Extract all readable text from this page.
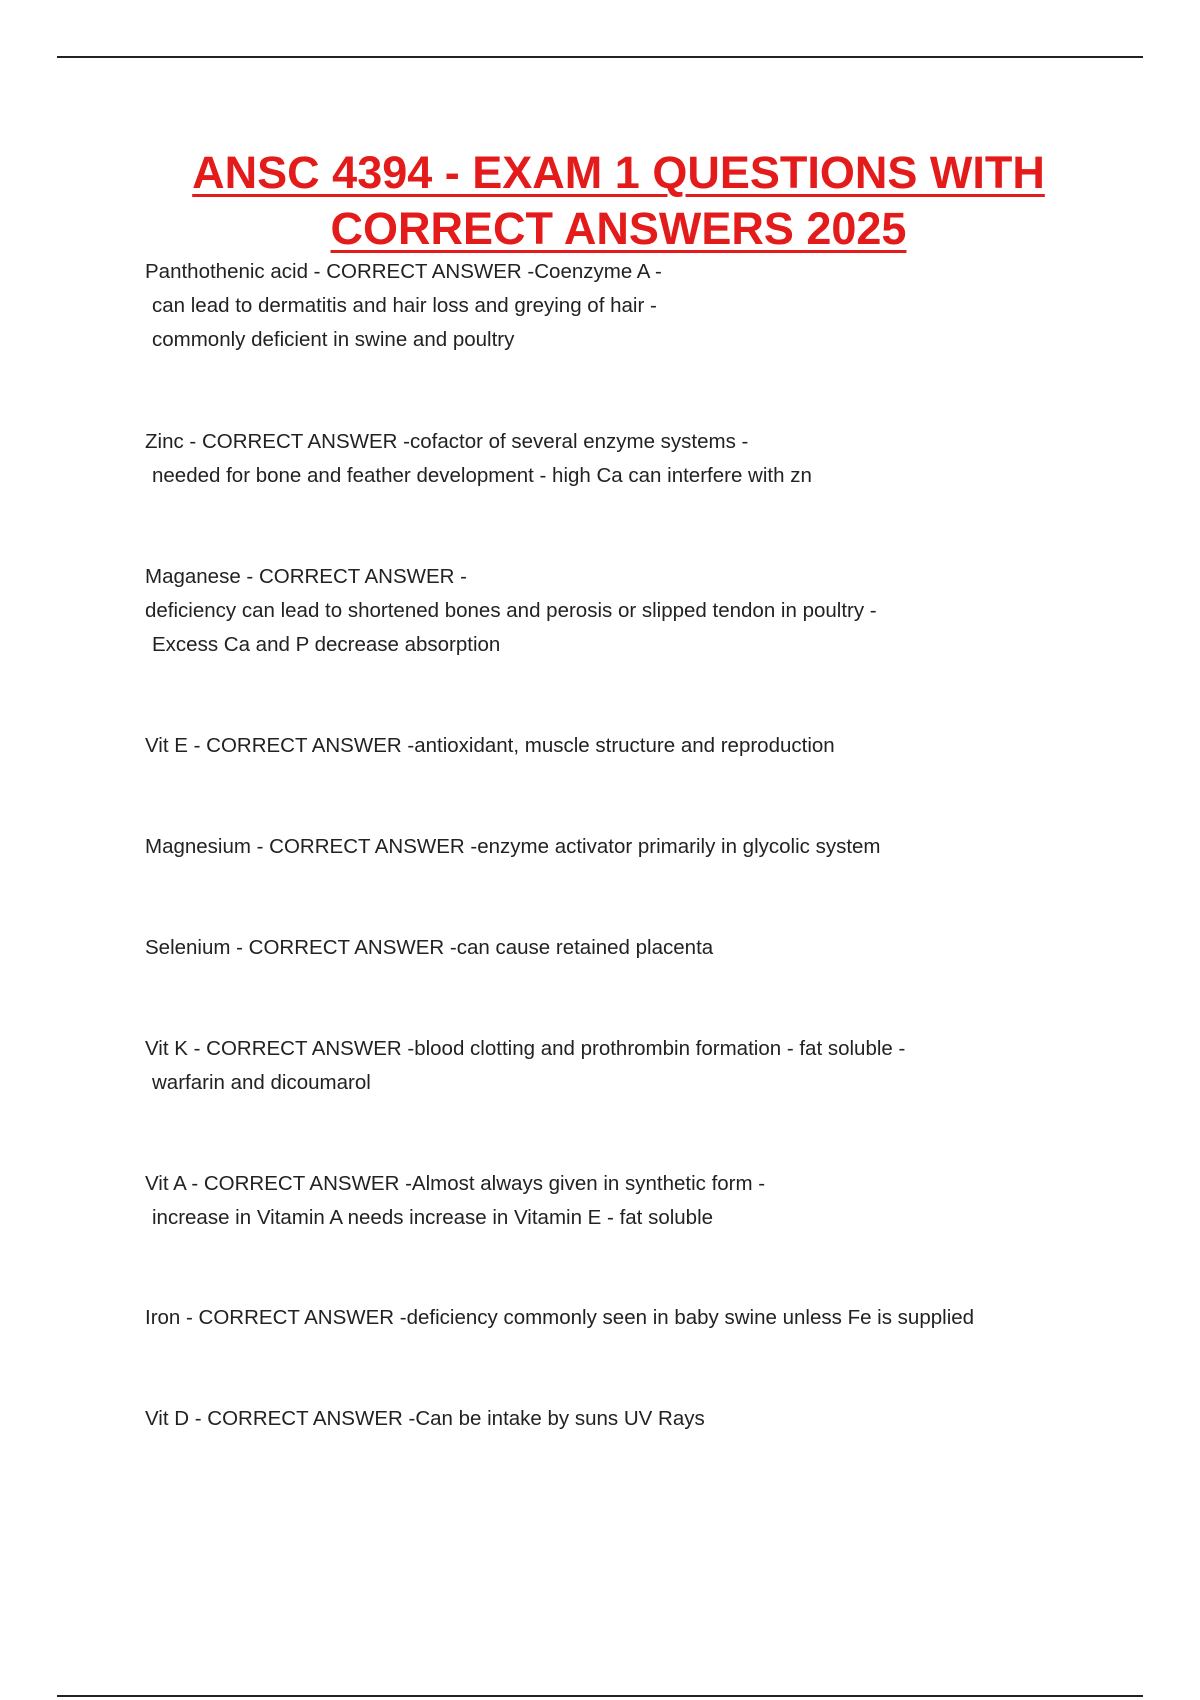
ANSC 4394 - EXAM 1 QUESTIONS WITH
CORRECT ANSWERS 2025
Panthothenic acid - CORRECT ANSWER -Coenzyme A -
can lead to dermatitis and hair loss and greying of hair -
commonly deficient in swine and poultry
Zinc - CORRECT ANSWER -cofactor of several enzyme systems -
needed for bone and feather development - high Ca can interfere with zn
Maganese - CORRECT ANSWER -
deficiency can lead to shortened bones and perosis or slipped tendon in poultry -
Excess Ca and P decrease absorption
Vit E - CORRECT ANSWER -antioxidant, muscle structure and reproduction
Magnesium - CORRECT ANSWER -enzyme activator primarily in glycolic system
Selenium - CORRECT ANSWER -can cause retained placenta
Vit K - CORRECT ANSWER -blood clotting and prothrombin formation - fat soluble -
warfarin and dicoumarol
Vit A - CORRECT ANSWER -Almost always given in synthetic form -
increase in Vitamin A needs increase in Vitamin E - fat soluble
Iron - CORRECT ANSWER -deficiency commonly seen in baby swine unless Fe is supplied
Vit D - CORRECT ANSWER -Can be intake by suns UV Rays
